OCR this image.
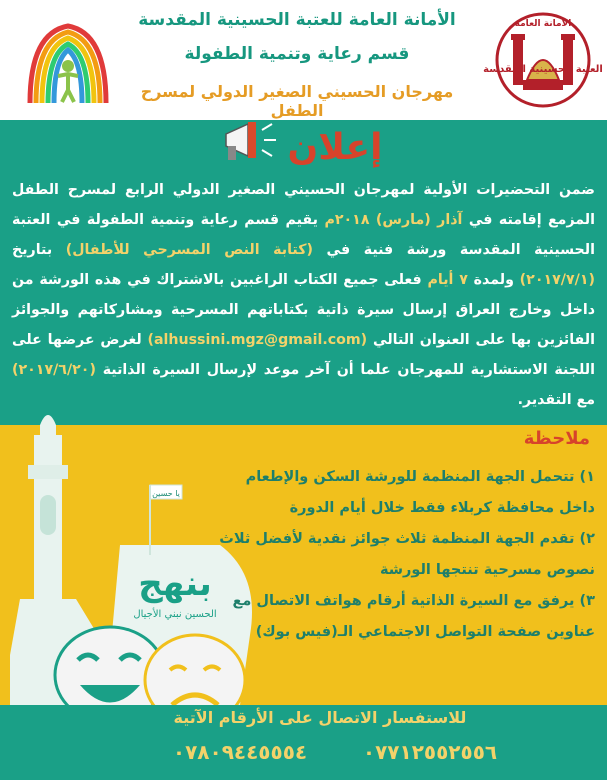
الأمانة العامة للعتبة الحسينية المقدسة
قسم رعاية وتنمية الطفولة
مهرجان الحسيني الصغير الدولي لمسرح الطفل
العتبة الحسينية المقدسة
الأمانة العامة
إعلان
ضمن التحضيرات الأولية لمهرجان الحسيني الصغير الدولي الرابع لمسرح الطفل المزمع إقامته في آذار (مارس) ٢٠١٨م يقيم قسم رعاية وتنمية الطفولة في العتبة الحسينية المقدسة ورشة فنية في (كتابة النص المسرحي للأطفال) بتاريخ (٢٠١٧/٧/١) ولمدة ٧ أيام فعلى جميع الكتاب الراغبين بالاشتراك في هذه الورشة من داخل وخارج العراق إرسال سيرة ذاتية بكتاباتهم المسرحية ومشاركاتهم والجوائز الفائزين بها على العنوان التالي (alhussini.mgz@gmail.com) لغرض عرضها على اللجنة الاستشارية للمهرجان علما أن آخر موعد لإرسال السيرة الذاتية (٢٠١٧/٦/٢٠) مع التقدير.
يا حسين
بنهج
الحسين نبني الأجيال
ملاحظة
١) تتحمل الجهة المنظمة للورشة السكن والإطعام داخل محافظة كربلاء فقط خلال أيام الدورة
٢) تقدم الجهة المنظمة ثلاث جوائز نقدية لأفضل ثلاث نصوص مسرحية تنتجها الورشة
٣) يرفق مع السيرة الذاتية أرقام هواتف الاتصال مع عناوين صفحة التواصل الاجتماعي الـ(فيس بوك)
للاستفسار الاتصال على الأرقام الآتية
٠٧٨٠٩٤٤٥٥٥٤	٠٧٧١٢٥٥٢٥٥٦
